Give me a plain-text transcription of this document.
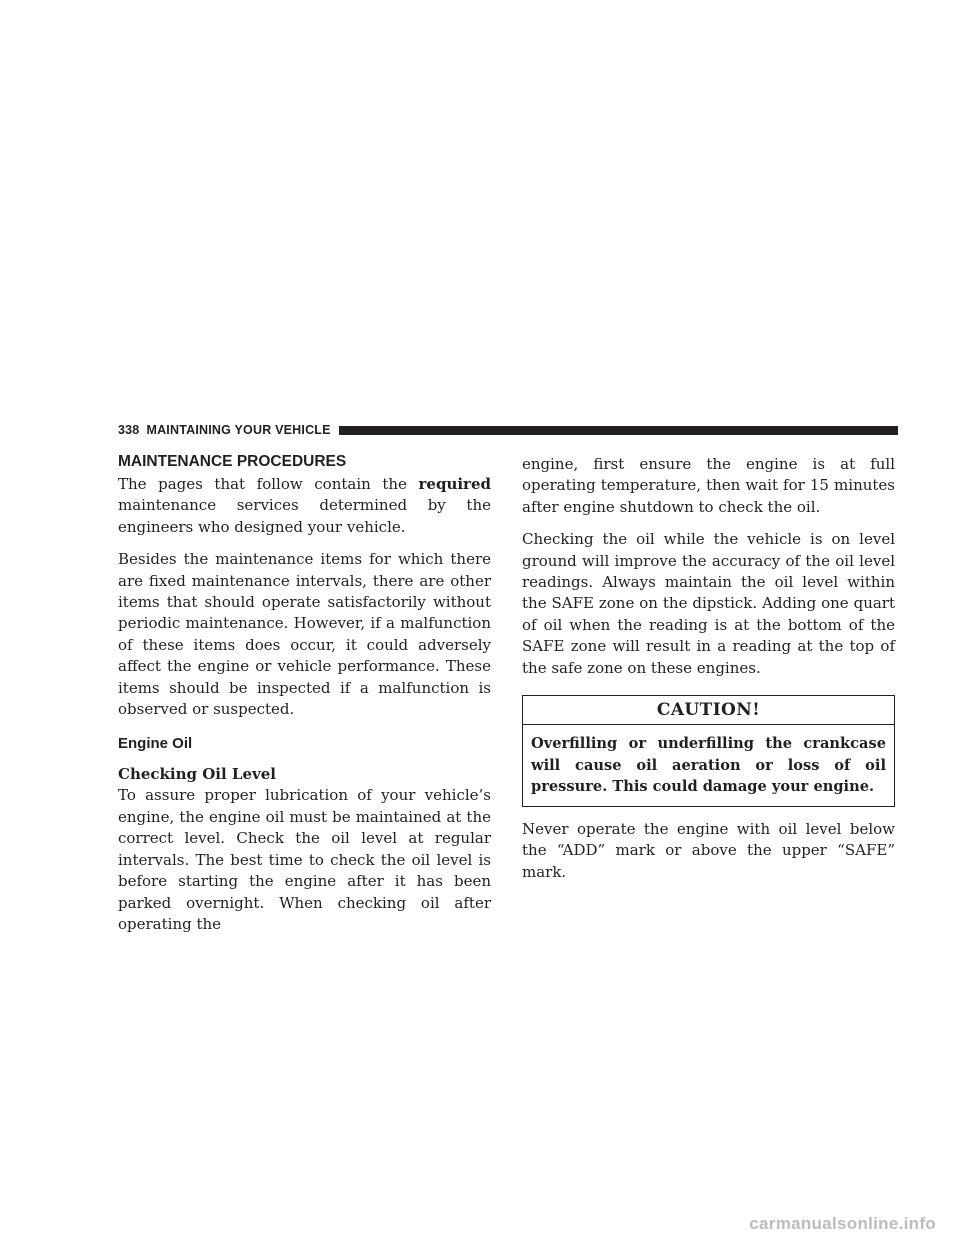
338 MAINTAINING YOUR VEHICLE
MAINTENANCE PROCEDURES

The pages that follow contain the required maintenance services determined by the engineers who designed your vehicle.

Besides the maintenance items for which there are fixed maintenance intervals, there are other items that should operate satisfactorily without periodic maintenance. However, if a malfunction of these items does occur, it could adversely affect the engine or vehicle performance. These items should be inspected if a malfunction is observed or suspected.

Engine Oil
Checking Oil Level

To assure proper lubrication of your vehicle’s engine, the engine oil must be maintained at the correct level. Check the oil level at regular intervals. The best time to check the oil level is before starting the engine after it has been parked overnight. When checking oil after operating the

engine, first ensure the engine is at full operating temperature, then wait for 15 minutes after engine shutdown to check the oil.

Checking the oil while the vehicle is on level ground will improve the accuracy of the oil level readings. Always maintain the oil level within the SAFE zone on the dipstick. Adding one quart of oil when the reading is at the bottom of the SAFE zone will result in a reading at the top of the safe zone on these engines.

CAUTION!
Overfilling or underfilling the crankcase will cause oil aeration or loss of oil pressure. This could damage your engine.

Never operate the engine with oil level below the “ADD” mark or above the upper “SAFE” mark.

carmanualsonline.info
